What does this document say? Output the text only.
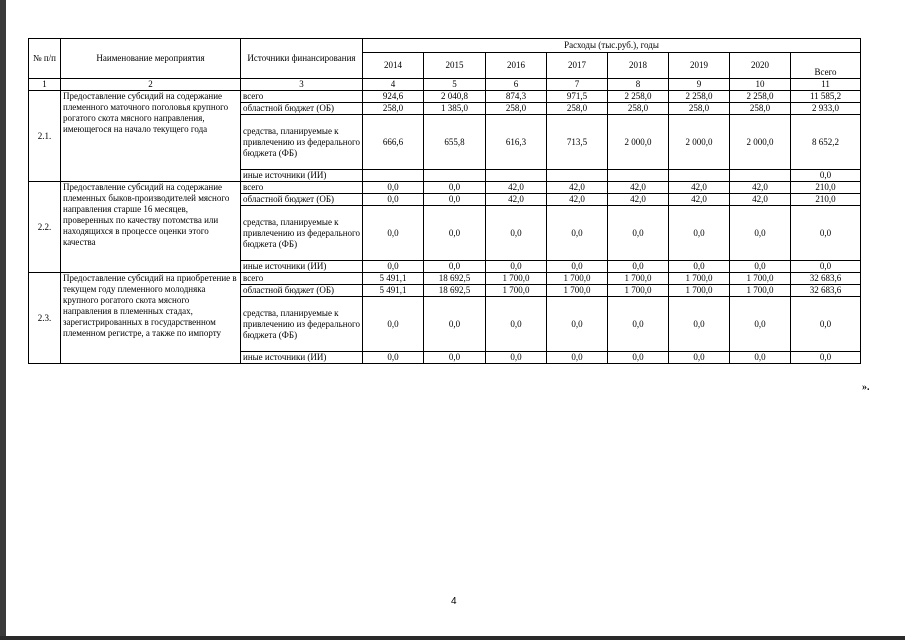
№ п/п	Наименование мероприятия	Источники финансирования	Расходы (тыс.руб.), годы							
			2014	2015	2016	2017	2018	2019	2020	Всего
1	2	3	4	5	6	7	8	9	10	11
2.1.	Предоставление субсидий на содержание племенного маточного поголовья крупного рогатого скота мясного направления, имеющегося на начало текущего года	всего	924,6	2 040,8	874,3	971,5	2 258,0	2 258,0	2 258,0	11 585,2
		областной бюджет (ОБ)	258,0	1 385,0	258,0	258,0	258,0	258,0	258,0	2 933,0
		средства, планируемые к привлечению из федерального бюджета (ФБ)	666,6	655,8	616,3	713,5	2 000,0	2 000,0	2 000,0	8 652,2
		иные источники (ИИ)								0,0
2.2.	Предоставление субсидий на содержание племенных быков-производителей мясного направления старше 16 месяцев, проверенных по качеству потомства или находящихся в процессе оценки этого качества	всего	0,0	0,0	42,0	42,0	42,0	42,0	42,0	210,0
		областной бюджет (ОБ)	0,0	0,0	42,0	42,0	42,0	42,0	42,0	210,0
		средства, планируемые к привлечению из федерального бюджета (ФБ)	0,0	0,0	0,0	0,0	0,0	0,0	0,0	0,0
		иные источники (ИИ)	0,0	0,0	0,0	0,0	0,0	0,0	0,0	0,0
2.3.	Предоставление субсидий на приобретение в текущем году племенного молодняка крупного рогатого скота мясного направления в племенных стадах, зарегистрированных в государственном племенном регистре, а также по импорту	всего	5 491,1	18 692,5	1 700,0	1 700,0	1 700,0	1 700,0	1 700,0	32 683,6
		областной бюджет (ОБ)	5 491,1	18 692,5	1 700,0	1 700,0	1 700,0	1 700,0	1 700,0	32 683,6
		средства, планируемые к привлечению из федерального бюджета (ФБ)	0,0	0,0	0,0	0,0	0,0	0,0	0,0	0,0
		иные источники (ИИ)	0,0	0,0	0,0	0,0	0,0	0,0	0,0	0,0
».
4
